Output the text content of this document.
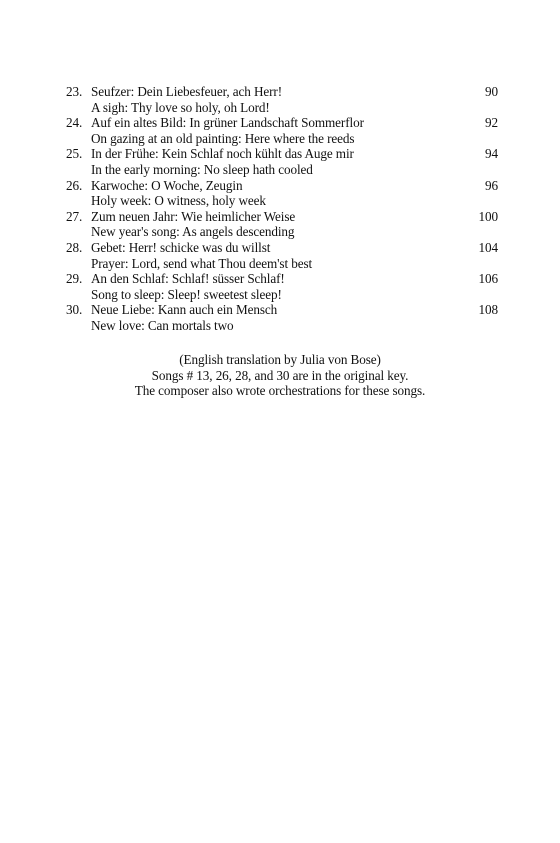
23. Seufzer: Dein Liebesfeuer, ach Herr!
A sigh: Thy love so holy, oh Lord!
90
24. Auf ein altes Bild: In grüner Landschaft Sommerflor
On gazing at an old painting: Here where the reeds
92
25. In der Frühe: Kein Schlaf noch kühlt das Auge mir
In the early morning: No sleep hath cooled
94
26. Karwoche: O Woche, Zeugin
Holy week: O witness, holy week
96
27. Zum neuen Jahr: Wie heimlicher Weise
New year's song: As angels descending
100
28. Gebet: Herr! schicke was du willst
Prayer: Lord, send what Thou deem'st best
104
29. An den Schlaf: Schlaf! süsser Schlaf!
Song to sleep: Sleep! sweetest sleep!
106
30. Neue Liebe: Kann auch ein Mensch
New love: Can mortals two
108
(English translation by Julia von Bose)
Songs # 13, 26, 28, and 30 are in the original key.
The composer also wrote orchestrations for these songs.
